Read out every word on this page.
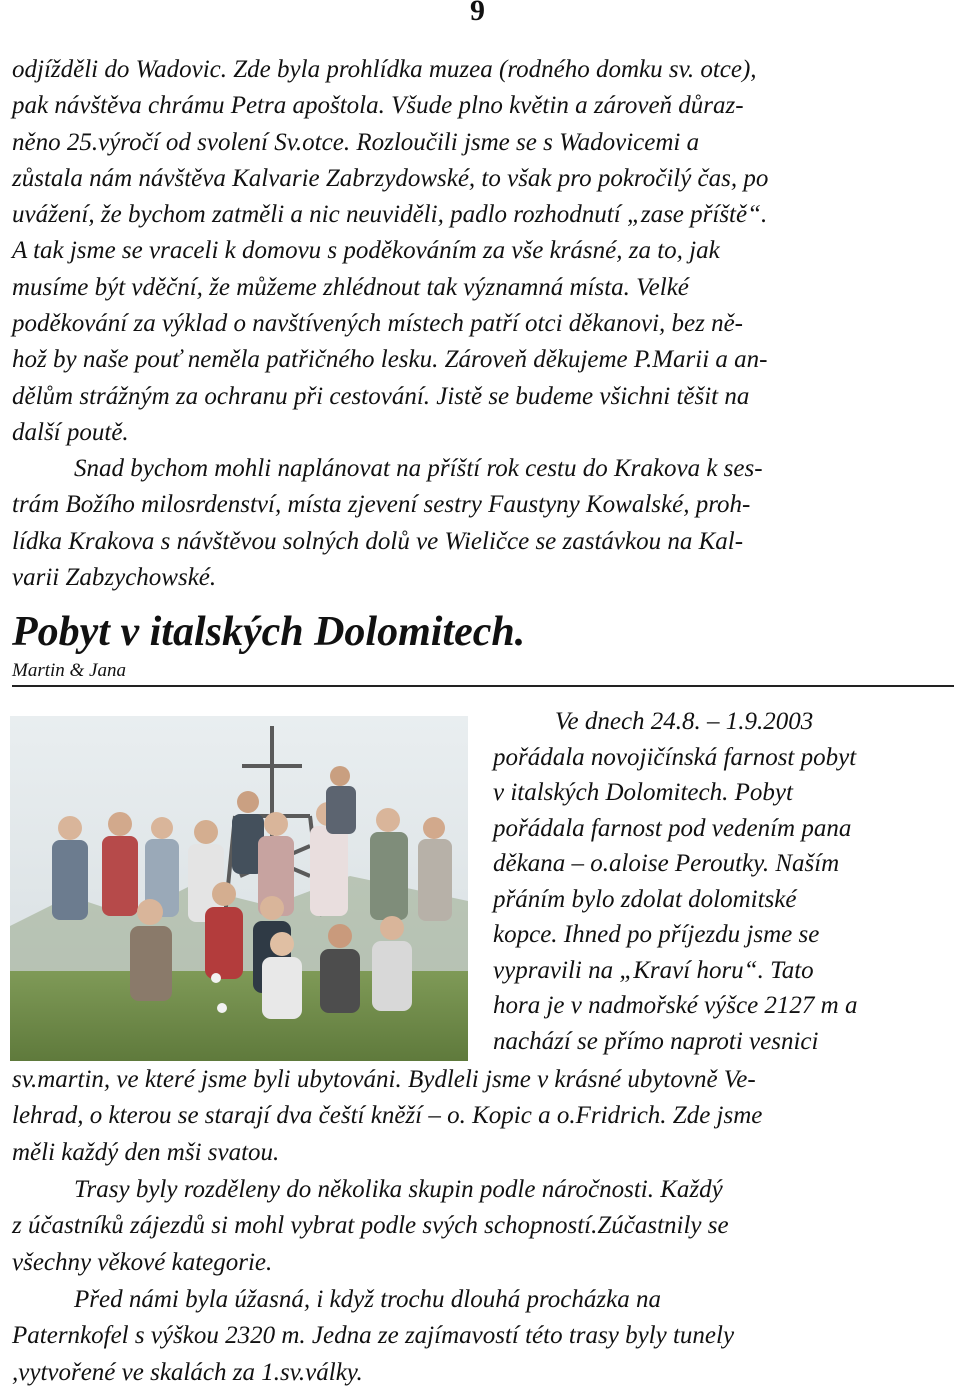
9
odjížděli do Wadovic. Zde byla prohlídka muzea (rodného domku sv. otce),
pak návštěva chrámu Petra apoštola. Všude plno květin a zároveň důraz-
něno 25.výročí od svolení Sv.otce. Rozloučili jsme se s Wadovicemi a
zůstala nám návštěva Kalvarie Zabrzydowské, to však pro pokročilý čas, po
uvážení, že bychom zatměli a nic neuviděli, padlo rozhodnutí „zase příště“.
A tak jsme se vraceli k domovu s poděkováním za vše krásné, za to, jak
musíme být vděční, že můžeme zhlédnout tak významná místa. Velké
poděkování za výklad o navštívených místech patří otci děkanovi, bez ně-
hož by naše pouť neměla patřičného lesku. Zároveň děkujeme P.Marii a an-
dělům strážným za ochranu při cestování. Jistě se budeme všichni těšit na
další poutě.
Snad bychom mohli naplánovat na příští rok cestu do Krakova k ses-
trám Božího milosrdenství, místa zjevení sestry Faustyny Kowalské, proh-
lídka Krakova s návštěvou solných dolů ve Wieličce se zastávkou na Kal-
varii Zabzychowské.
Pobyt v italských Dolomitech.
Martin & Jana
Ve dnech 24.8. – 1.9.2003
pořádala novojičínská farnost pobyt
v italských Dolomitech. Pobyt
pořádala farnost pod vedením pana
děkana – o.aloise Peroutky. Naším
přáním bylo zdolat dolomitské
kopce. Ihned po příjezdu jsme se
vypravili na „Kraví horu“. Tato
hora je v nadmořské výšce 2127 m a
nachází se přímo naproti vesnici
sv.martin, ve které jsme byli ubytováni. Bydleli jsme v krásné ubytovně Ve-
lehrad, o kterou se starají dva čeští kněží – o. Kopic a o.Fridrich. Zde jsme
měli každý den mši svatou.
Trasy byly rozděleny do několika skupin podle náročnosti. Každý
z účastníků zájezdů si mohl vybrat podle svých schopností.Zúčastnily se
všechny věkové kategorie.
Před námi byla úžasná, i když trochu dlouhá procházka na
Paternkofel s výškou 2320 m. Jedna ze zajímavostí této trasy byly tunely
,vytvořené ve skalách za 1.sv.války.
